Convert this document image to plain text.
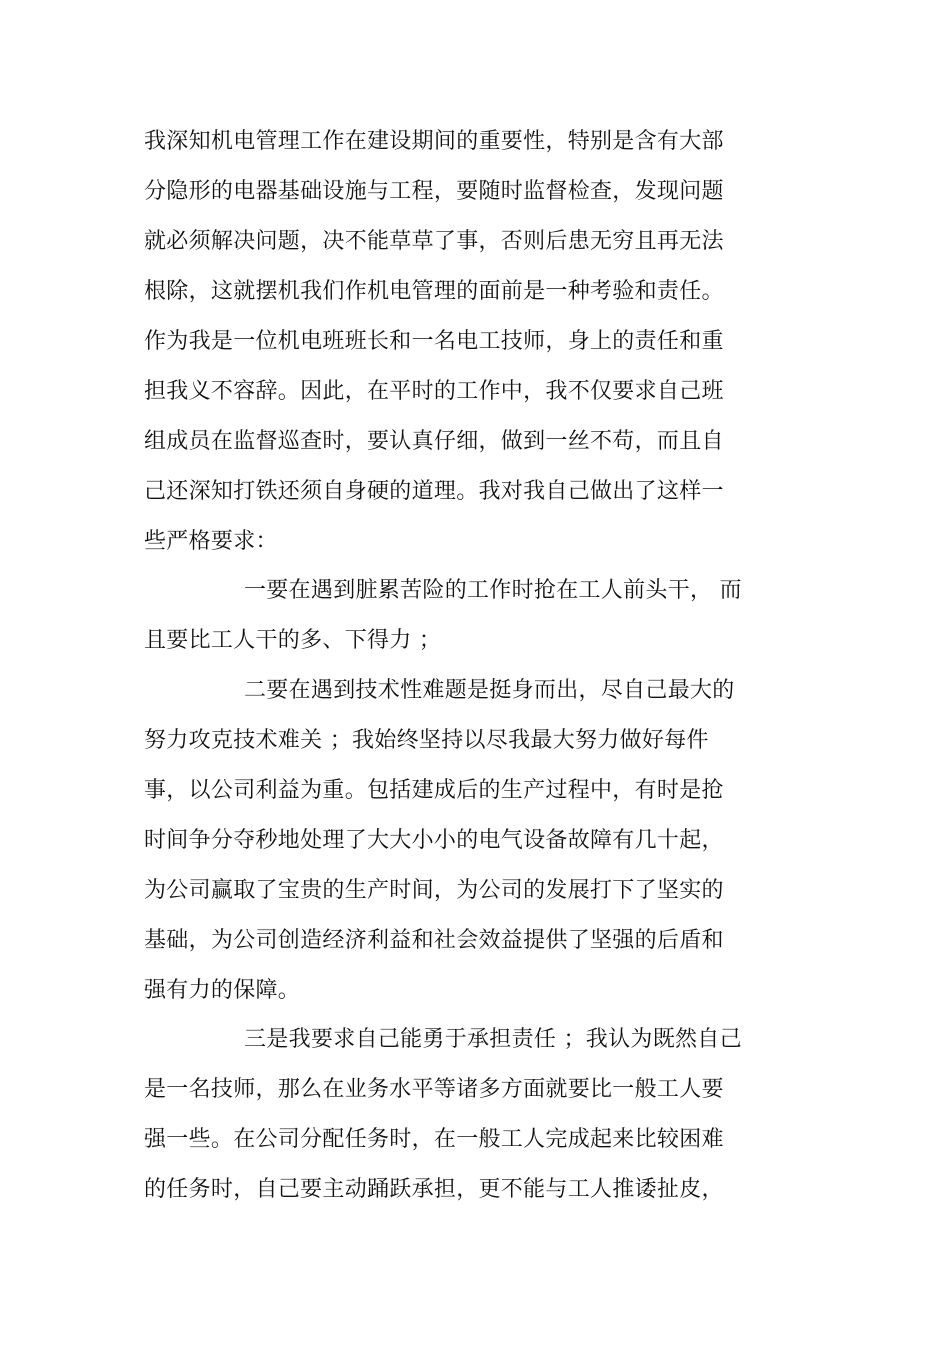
我深知机电管理工作在建设期间的重要性，特别是含有大部
分隐形的电器基础设施与工程，要随时监督检查，发现问题
就必须解决问题，决不能草草了事，否则后患无穷且再无法
根除，这就摆机我们作机电管理的面前是一种考验和责任。
作为我是一位机电班班长和一名电工技师，身上的责任和重
担我义不容辞。因此，在平时的工作中，我不仅要求自己班
组成员在监督巡查时，要认真仔细，做到一丝不苟，而且自
己还深知打铁还须自身硬的道理。我对我自己做出了这样一
些严格要求：
一要在遇到脏累苦险的工作时抢在工人前头干， 而
且要比工人干的多、下得力 ；
二要在遇到技术性难题是挺身而出，尽自己最大的
努力攻克技术难关 ；我始终坚持以尽我最大努力做好每件
事，以公司利益为重。包括建成后的生产过程中，有时是抢
时间争分夺秒地处理了大大小小的电气设备故障有几十起，
为公司赢取了宝贵的生产时间，为公司的发展打下了坚实的
基础，为公司创造经济利益和社会效益提供了坚强的后盾和
强有力的保障。
三是我要求自己能勇于承担责任 ；我认为既然自己
是一名技师，那么在业务水平等诸多方面就要比一般工人要
强一些。在公司分配任务时，在一般工人完成起来比较困难
的任务时，自己要主动踊跃承担，更不能与工人推诿扯皮，
